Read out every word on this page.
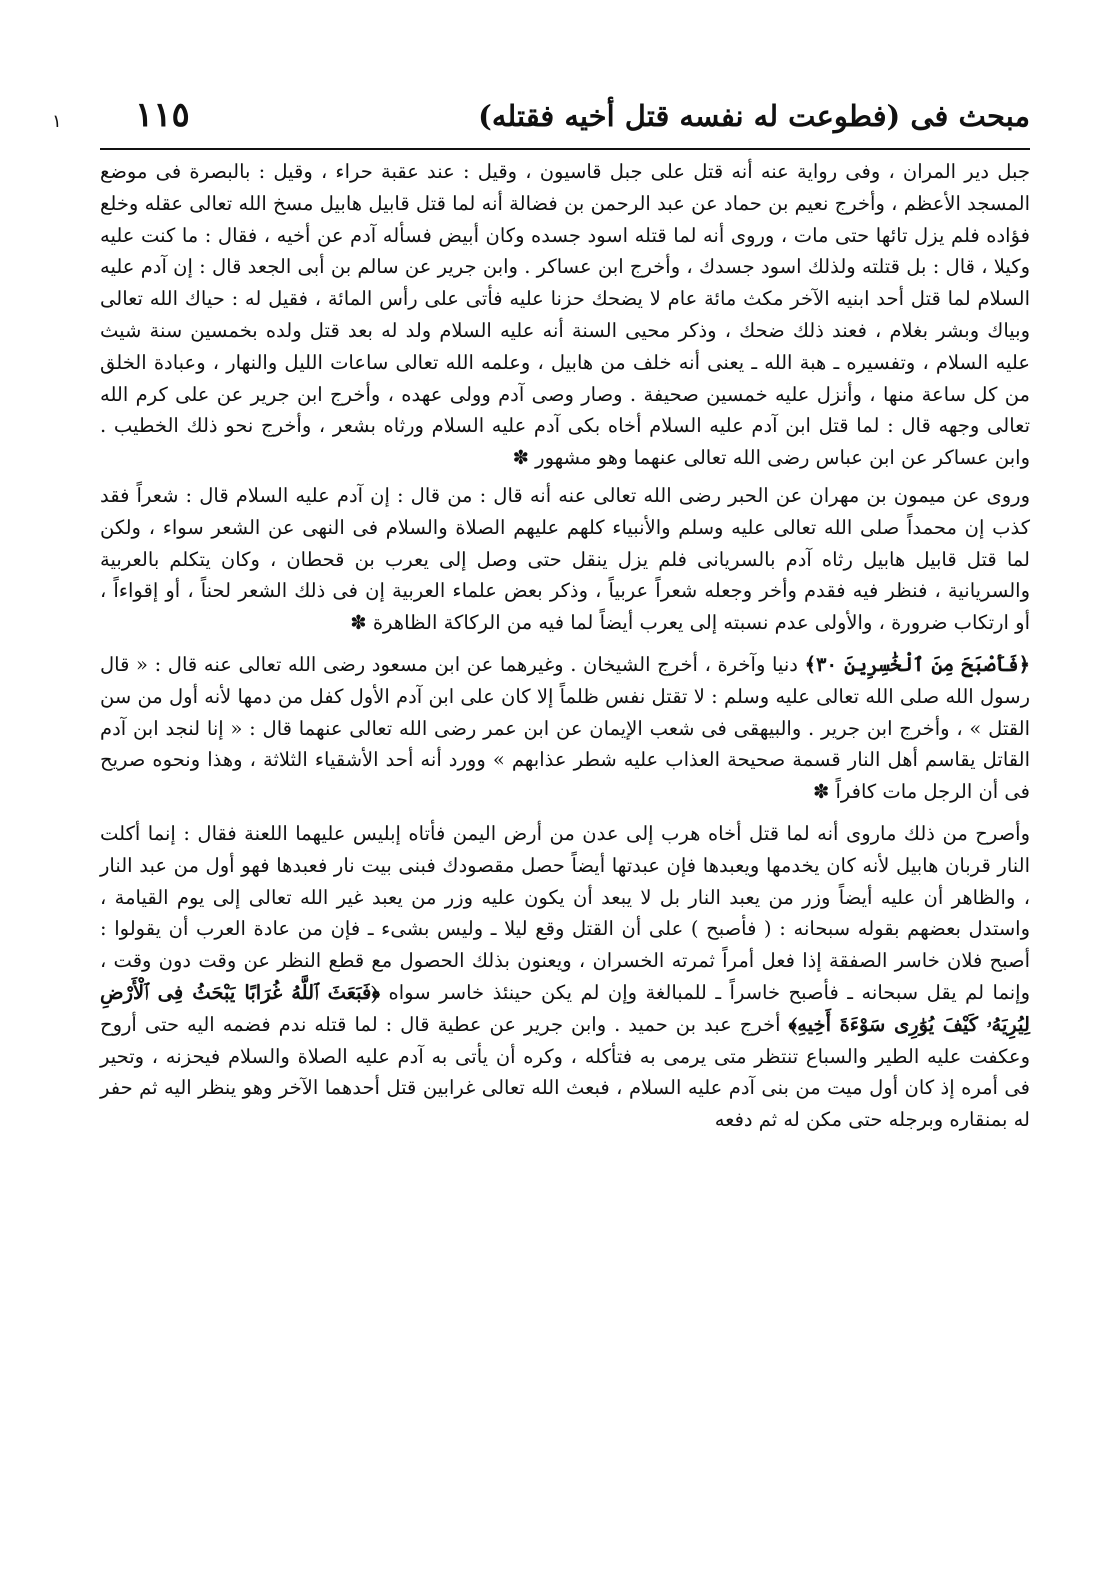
مبحث فى (فطوعت له نفسه قتل أخيه فقتله)
١١٥
١

جبل دير المران ، وفى رواية عنه أنه قتل على جبل قاسيون ، وقيل : عند عقبة حراء ، وقيل : بالبصرة فى موضع المسجد الأعظم ، وأخرج نعيم بن حماد عن عبد الرحمن بن فضالة أنه لما قتل قابيل هابيل مسخ الله تعالى عقله وخلع فؤاده فلم يزل تائها حتى مات ، وروى أنه لما قتله اسود جسده وكان أبيض فسأله آدم عن أخيه ، فقال : ما كنت عليه وكيلا ، قال : بل قتلته ولذلك اسود جسدك ، وأخرج ابن عساكر . وابن جرير عن سالم بن أبى الجعد قال : إن آدم عليه السلام لما قتل أحد ابنيه الآخر مكث مائة عام لا يضحك حزنا عليه فأتى على رأس المائة ، فقيل له : حياك الله تعالى وبياك وبشر بغلام ، فعند ذلك ضحك ، وذكر محيى السنة أنه عليه السلام ولد له بعد قتل ولده بخمسين سنة شيث عليه السلام ، وتفسيره ـ هبة الله ـ يعنى أنه خلف من هابيل ، وعلمه الله تعالى ساعات الليل والنهار ، وعبادة الخلق من كل ساعة منها ، وأنزل عليه خمسين صحيفة . وصار وصى آدم وولى عهده ، وأخرج ابن جرير عن على كرم الله تعالى وجهه قال : لما قتل ابن آدم عليه السلام أخاه بكى آدم عليه السلام ورثاه بشعر ، وأخرج نحو ذلك الخطيب . وابن عساكر عن ابن عباس رضى الله تعالى عنهما وهو مشهور ✽

وروى عن ميمون بن مهران عن الحبر رضى الله تعالى عنه أنه قال : من قال : إن آدم عليه السلام قال : شعراً فقد كذب إن محمداً صلى الله تعالى عليه وسلم والأنبياء كلهم عليهم الصلاة والسلام فى النهى عن الشعر سواء ، ولكن لما قتل قابيل هابيل رثاه آدم بالسريانى فلم يزل ينقل حتى وصل إلى يعرب بن قحطان ، وكان يتكلم بالعربية والسريانية ، فنظر فيه فقدم وأخر وجعله شعراً عربياً ، وذكر بعض علماء العربية إن فى ذلك الشعر لحناً ، أو إقواءاً ، أو ارتكاب ضرورة ، والأولى عدم نسبته إلى يعرب أيضاً لما فيه من الركاكة الظاهرة ✽

﴿فَأَصْبَحَ مِنَ ٱلْخَٰسِرِينَ ٣٠﴾ دنيا وآخرة ، أخرج الشيخان . وغيرهما عن ابن مسعود رضى الله تعالى عنه قال : « قال رسول الله صلى الله تعالى عليه وسلم : لا تقتل نفس ظلماً إلا كان على ابن آدم الأول كفل من دمها لأنه أول من سن القتل » ، وأخرج ابن جرير . والبيهقى فى شعب الإيمان عن ابن عمر رضى الله تعالى عنهما قال : « إنا لنجد ابن آدم القاتل يقاسم أهل النار قسمة صحيحة العذاب عليه شطر عذابهم » وورد أنه أحد الأشقياء الثلاثة ، وهذا ونحوه صريح فى أن الرجل مات كافراً ✽

وأصرح من ذلك ماروى أنه لما قتل أخاه هرب إلى عدن من أرض اليمن فأتاه إبليس عليهما اللعنة فقال : إنما أكلت النار قربان هابيل لأنه كان يخدمها ويعبدها فإن عبدتها أيضاً حصل مقصودك فبنى بيت نار فعبدها فهو أول من عبد النار ، والظاهر أن عليه أيضاً وزر من يعبد النار بل لا يبعد أن يكون عليه وزر من يعبد غير الله تعالى إلى يوم القيامة ، واستدل بعضهم بقوله سبحانه : ( فأصبح ) على أن القتل وقع ليلا ـ وليس بشىء ـ فإن من عادة العرب أن يقولوا : أصبح فلان خاسر الصفقة إذا فعل أمراً ثمرته الخسران ، ويعنون بذلك الحصول مع قطع النظر عن وقت دون وقت ، وإنما لم يقل سبحانه ـ فأصبح خاسراً ـ للمبالغة وإن لم يكن حينئذ خاسر سواه ﴿فَبَعَثَ ٱللَّهُ غُرَابًا يَبْحَثُ فِى ٱلْأَرْضِ لِيُرِيَهُۥ كَيْفَ يُوَٰرِى سَوْءَةَ أَخِيهِ﴾ أخرج عبد بن حميد . وابن جرير عن عطية قال : لما قتله ندم فضمه اليه حتى أروح وعكفت عليه الطير والسباع تنتظر متى يرمى به فتأكله ، وكره أن يأتى به آدم عليه الصلاة والسلام فيحزنه ، وتحير فى أمره إذ كان أول ميت من بنى آدم عليه السلام ، فبعث الله تعالى غرابين قتل أحدهما الآخر وهو ينظر اليه ثم حفر له بمنقاره وبرجله حتى مكن له ثم دفعه
